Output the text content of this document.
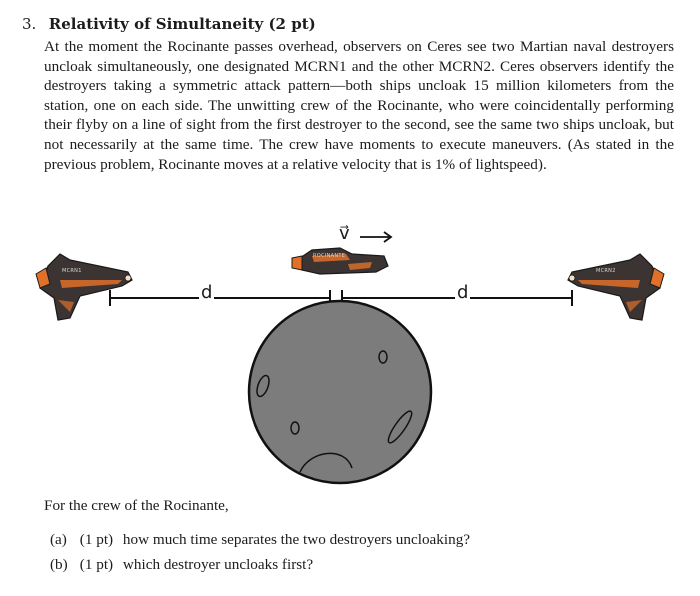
3. Relativity of Simultaneity (2 pt)
At the moment the Rocinante passes overhead, observers on Ceres see two Martian naval destroyers uncloak simultaneously, one designated MCRN1 and the other MCRN2. Ceres observers identify the destroyers taking a symmetric attack pattern—both ships uncloak 15 million kilometers from the station, one on each side. The unwitting crew of the Rocinante, who were coincidentally performing their flyby on a line of sight from the first destroyer to the second, see the same two ships uncloak, but not necessarily at the same time. The crew have moments to execute maneuvers. (As stated in the previous problem, Rocinante moves at a relative velocity that is 1% of lightspeed).
v⃗
d	d
MCRN1	MCRN2
ROCINANTE
For the crew of the Rocinante,
(a) (1 pt) how much time separates the two destroyers uncloaking?
(b) (1 pt) which destroyer uncloaks first?
